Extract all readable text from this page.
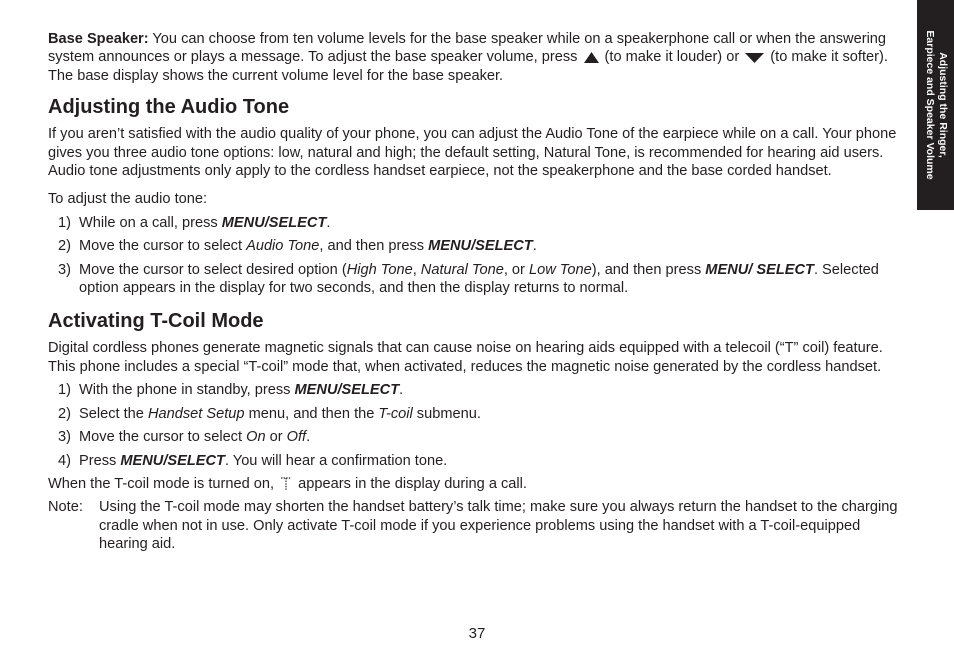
Adjusting the Ringer,
Earpiece and Speaker Volume

Base Speaker: You can choose from ten volume levels for the base speaker while on a speakerphone call or when the answering system announces or plays a message. To adjust the base speaker volume, press  (to make it louder) or  (to make it softer). The base display shows the current volume level for the base speaker.

Adjusting the Audio Tone

If you aren’t satisfied with the audio quality of your phone, you can adjust the Audio Tone of the earpiece while on a call. Your phone gives you three audio tone options: low, natural and high; the default setting, Natural Tone, is recommended for hearing aid users. Audio tone adjustments only apply to the cordless handset earpiece, not the speakerphone and the base corded handset.

To adjust the audio tone:

1) While on a call, press MENU/SELECT.
2) Move the cursor to select Audio Tone, and then press MENU/SELECT.
3) Move the cursor to select desired option (High Tone, Natural Tone, or Low Tone), and then press MENU/ SELECT. Selected option appears in the display for two seconds, and then the display returns to normal.
Activating T-Coil Mode

Digital cordless phones generate magnetic signals that can cause noise on hearing aids equipped with a telecoil (“T” coil) feature. This phone includes a special “T-coil” mode that, when activated, reduces the magnetic noise generated by the cordless handset.

1) With the phone in standby, press MENU/SELECT.
2) Select the Handset Setup menu, and then the T-coil submenu.
3) Move the cursor to select On or Off.
4) Press MENU/SELECT. You will hear a confirmation tone.

When the T-coil mode is turned on,  appears in the display during a call.

Note: Using the T-coil mode may shorten the handset battery’s talk time; make sure you always return the handset to the charging cradle when not in use. Only activate T-coil mode if you experience problems using the handset with a T-coil-equipped hearing aid.
37
